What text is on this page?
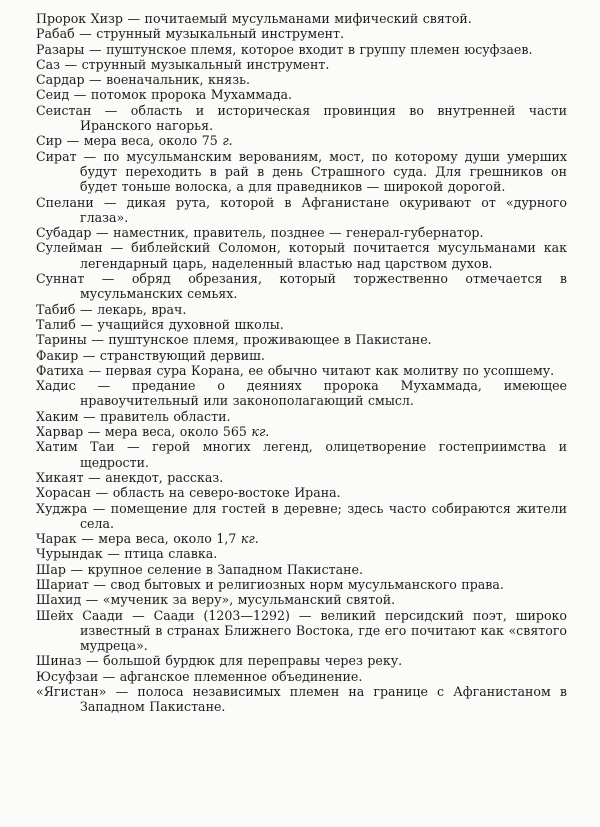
Пророк Хизр — почитаемый мусульманами мифический святой.

Рабаб — струнный музыкальный инструмент.

Разары — пуштунское племя, которое входит в группу племен юсуфзаев.

Саз — струнный музыкальный инструмент.

Сардар — военачальник, князь.

Сеид — потомок пророка Мухаммада.

Сеистан — область и историческая провинция во внутренней части Иранского нагорья.

Сир — мера веса, около 75 г.

Сират — по мусульманским верованиям, мост, по которому души умерших будут переходить в рай в день Страшного суда. Для грешников он будет тоньше волоска, а для праведников — широкой дорогой.

Спелани — дикая рута, которой в Афганистане окуривают от «дурного глаза».

Субадар — наместник, правитель, позднее — генерал-губернатор.

Сулейман — библейский Соломон, который почитается мусульманами как легендарный царь, наделенный властью над царством духов.

Суннат — обряд обрезания, который торжественно отмечается в мусульманских семьях.

Табиб — лекарь, врач.

Талиб — учащийся духовной школы.

Тарины — пуштунское племя, проживающее в Пакистане.

Факир — странствующий дервиш.

Фатиха — первая сура Корана, ее обычно читают как молитву по усопшему.

Хадис — предание о деяниях пророка Мухаммада, имеющее нравоучительный или законополагающий смысл.

Хаким — правитель области.

Харвар — мера веса, около 565 кг.

Хатим Таи — герой многих легенд, олицетворение гостеприимства и щедрости.

Хикаят — анекдот, рассказ.

Хорасан — область на северо-востоке Ирана.

Худжра — помещение для гостей в деревне; здесь часто собираются жители села.

Чарак — мера веса, около 1,7 кг.

Чурындак — птица славка.

Шар — крупное селение в Западном Пакистане.

Шариат — свод бытовых и религиозных норм мусульманского права.

Шахид — «мученик за веру», мусульманский святой.

Шейх Саади — Саади (1203—1292) — великий персидский поэт, широко известный в странах Ближнего Востока, где его почитают как «святого мудреца».

Шиназ — большой бурдюк для переправы через реку.

Юсуфзаи — афганское племенное объединение.

«Ягистан» — полоса независимых племен на границе с Афганистаном в Западном Пакистане.
